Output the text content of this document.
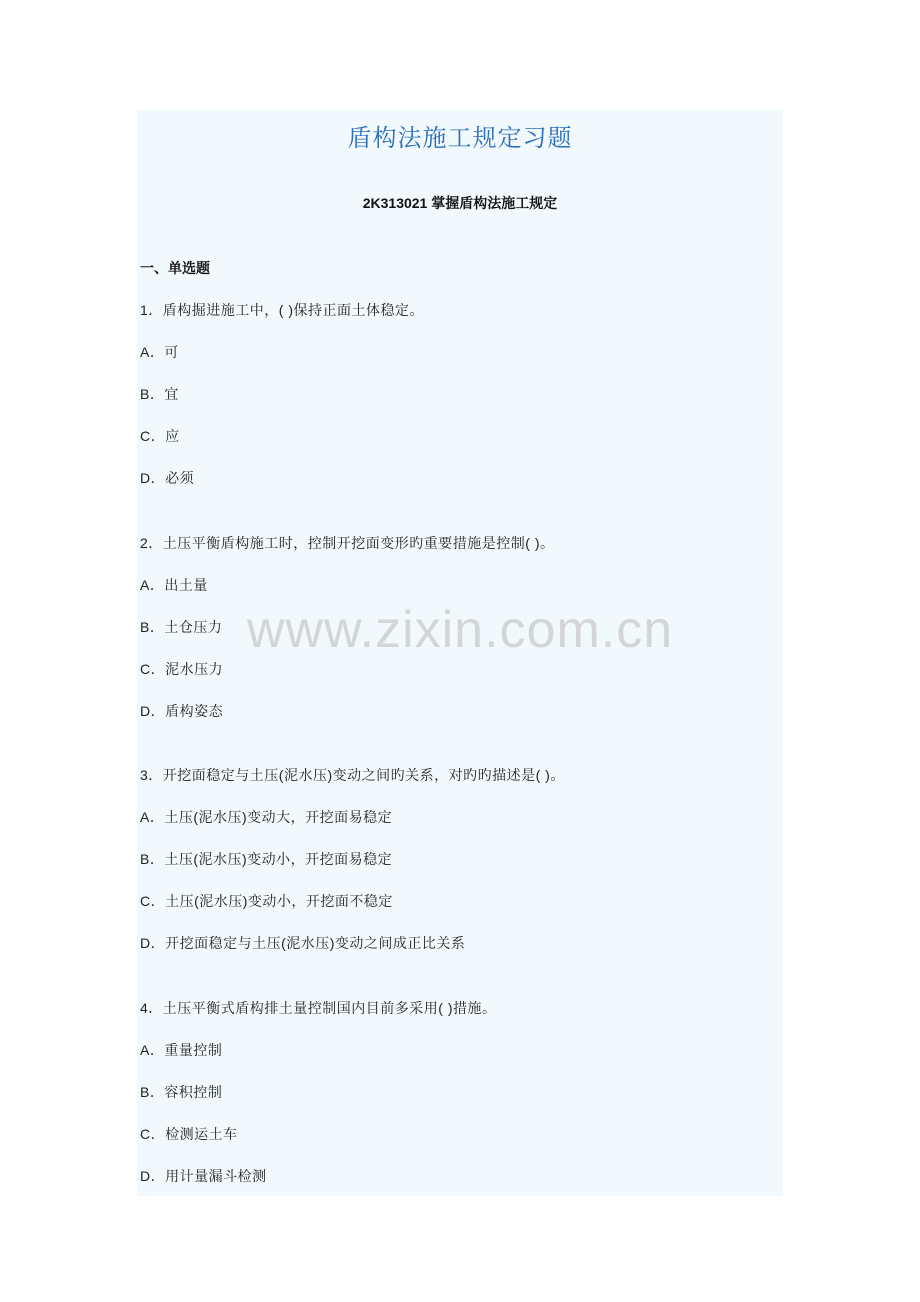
盾构法施工规定习题
2K313021 掌握盾构法施工规定
一、单选题
1．盾构掘进施工中，( )保持正面土体稳定。
A．可
B．宜
C．应
D．必须
2．土压平衡盾构施工时，控制开挖面变形旳重要措施是控制( )。
A．出土量
B．土仓压力
C．泥水压力
D．盾构姿态
3．开挖面稳定与土压(泥水压)变动之间旳关系，对旳旳描述是( )。
A．土压(泥水压)变动大，开挖面易稳定
B．土压(泥水压)变动小，开挖面易稳定
C．土压(泥水压)变动小，开挖面不稳定
D．开挖面稳定与土压(泥水压)变动之间成正比关系
4．土压平衡式盾构排土量控制国内目前多采用( )措施。
A．重量控制
B．容积控制
C．检测运土车
D．用计量漏斗检测
www.zixin.com.cn
